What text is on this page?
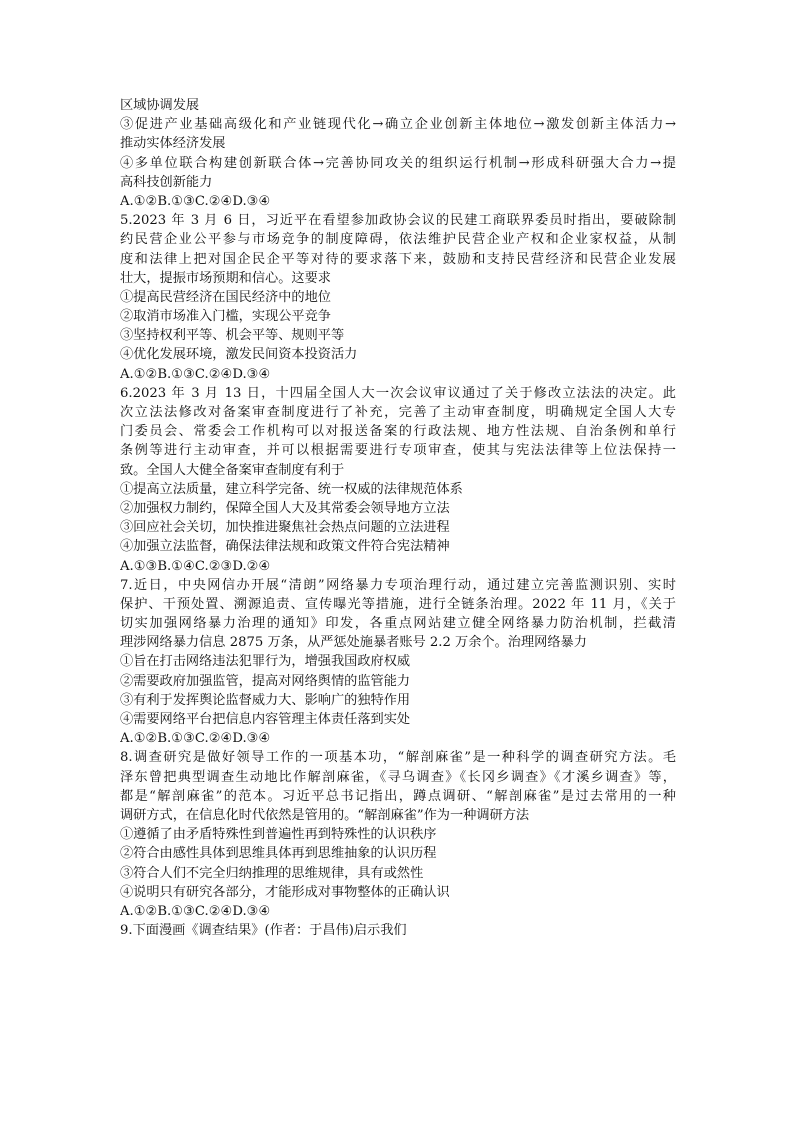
区域协调发展
③促进产业基础高级化和产业链现代化→确立企业创新主体地位→激发创新主体活力→
推动实体经济发展
④多单位联合构建创新联合体→完善协同攻关的组织运行机制→形成科研强大合力→提
高科技创新能力
A.①②B.①③C.②④D.③④
5.2023 年 3 月 6 日，习近平在看望参加政协会议的民建工商联界委员时指出，要破除制
约民营企业公平参与市场竞争的制度障碍，依法维护民营企业产权和企业家权益，从制
度和法律上把对国企民企平等对待的要求落下来，鼓励和支持民营经济和民营企业发展
壮大，提振市场预期和信心。这要求
①提高民营经济在国民经济中的地位
②取消市场准入门槛，实现公平竞争
③坚持权利平等、机会平等、规则平等
④优化发展环境，激发民间资本投资活力
A.①②B.①③C.②④D.③④
6.2023 年 3 月 13 日，十四届全国人大一次会议审议通过了关于修改立法法的决定。此
次立法法修改对备案审查制度进行了补充，完善了主动审查制度，明确规定全国人大专
门委员会、常委会工作机构可以对报送备案的行政法规、地方性法规、自治条例和单行
条例等进行主动审查，并可以根据需要进行专项审查，使其与宪法法律等上位法保持一
致。全国人大健全备案审查制度有利于
①提高立法质量，建立科学完备、统一权威的法律规范体系
②加强权力制约，保障全国人大及其常委会领导地方立法
③回应社会关切，加快推进聚焦社会热点问题的立法进程
④加强立法监督，确保法律法规和政策文件符合宪法精神
A.①③B.①④C.②③D.②④
7.近日，中央网信办开展“清朗”网络暴力专项治理行动，通过建立完善监测识别、实时
保护、干预处置、溯源追责、宣传曝光等措施，进行全链条治理。2022 年 11 月，《关于
切实加强网络暴力治理的通知》印发，各重点网站建立健全网络暴力防治机制，拦截清
理涉网络暴力信息 2875 万条，从严惩处施暴者账号 2.2 万余个。治理网络暴力
①旨在打击网络违法犯罪行为，增强我国政府权威
②需要政府加强监管，提高对网络舆情的监管能力
③有利于发挥舆论监督威力大、影响广的独特作用
④需要网络平台把信息内容管理主体责任落到实处
A.①②B.①③C.②④D.③④
8.调查研究是做好领导工作的一项基本功，“解剖麻雀”是一种科学的调查研究方法。毛
泽东曾把典型调查生动地比作解剖麻雀，《寻乌调查》《长冈乡调查》《才溪乡调查》等，
都是“解剖麻雀”的范本。习近平总书记指出，蹲点调研、“解剖麻雀”是过去常用的一种
调研方式，在信息化时代依然是管用的。“解剖麻雀”作为一种调研方法
①遵循了由矛盾特殊性到普遍性再到特殊性的认识秩序
②符合由感性具体到思维具体再到思维抽象的认识历程
③符合人们不完全归纳推理的思维规律，具有或然性
④说明只有研究各部分，才能形成对事物整体的正确认识
A.①②B.①③C.②④D.③④
9.下面漫画《调查结果》(作者：于昌伟)启示我们
